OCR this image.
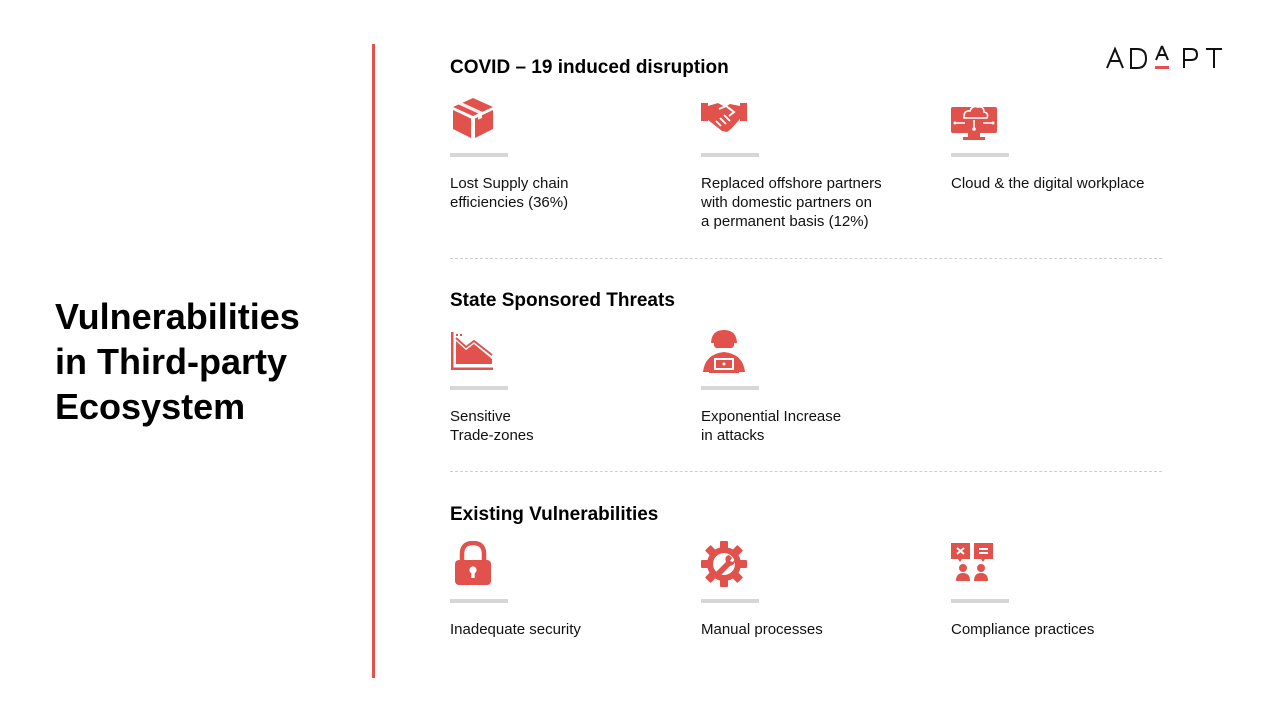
Vulnerabilities
in Third-party
Ecosystem
COVID – 19 induced disruption
Lost Supply chain
efficiencies (36%)
Replaced offshore partners
with domestic partners on
a permanent basis (12%)
Cloud & the digital workplace
State Sponsored Threats
Sensitive
Trade-zones
Exponential Increase
in attacks
Existing Vulnerabilities
Inadequate security	Manual processes	Compliance practices
